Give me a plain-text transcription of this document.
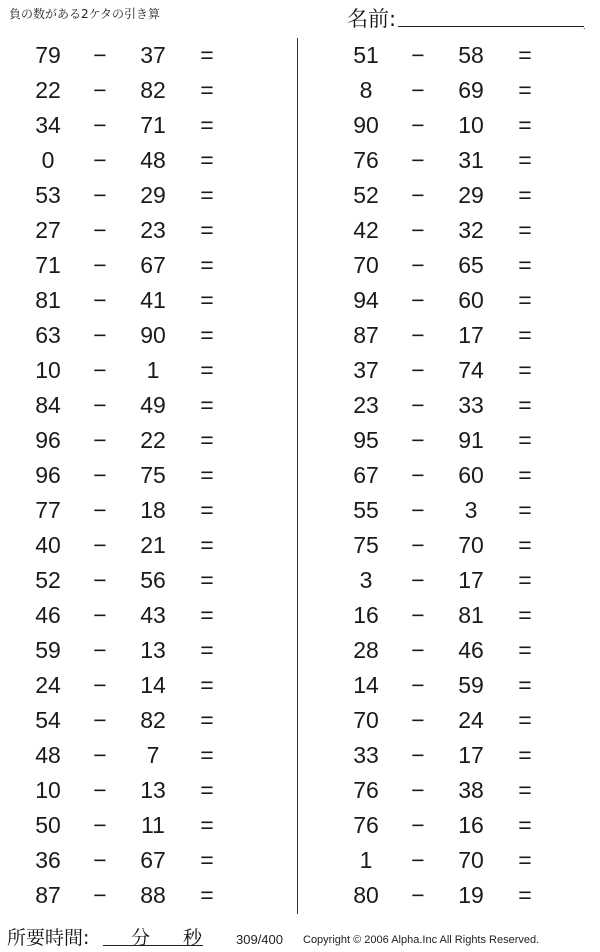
負の数がある2ケタの引き算	名前:	.
79	−	37	=
22	−	82	=
34	−	71	=
0	−	48	=
53	−	29	=
27	−	23	=
71	−	67	=
81	−	41	=
63	−	90	=
10	−	1	=
84	−	49	=
96	−	22	=
96	−	75	=
77	−	18	=
40	−	21	=
52	−	56	=
46	−	43	=
59	−	13	=
24	−	14	=
54	−	82	=
48	−	7	=
10	−	13	=
50	−	11	=
36	−	67	=
87	−	88	=
51	−	58	=
8	−	69	=
90	−	10	=
76	−	31	=
52	−	29	=
42	−	32	=
70	−	65	=
94	−	60	=
87	−	17	=
37	−	74	=
23	−	33	=
95	−	91	=
67	−	60	=
55	−	3	=
75	−	70	=
3	−	17	=
16	−	81	=
28	−	46	=
14	−	59	=
70	−	24	=
33	−	17	=
76	−	38	=
76	−	16	=
1	−	70	=
80	−	19	=
所要時間: 分 秒	309/400 Copyright © 2006 Alpha.Inc All Rights Reserved.
